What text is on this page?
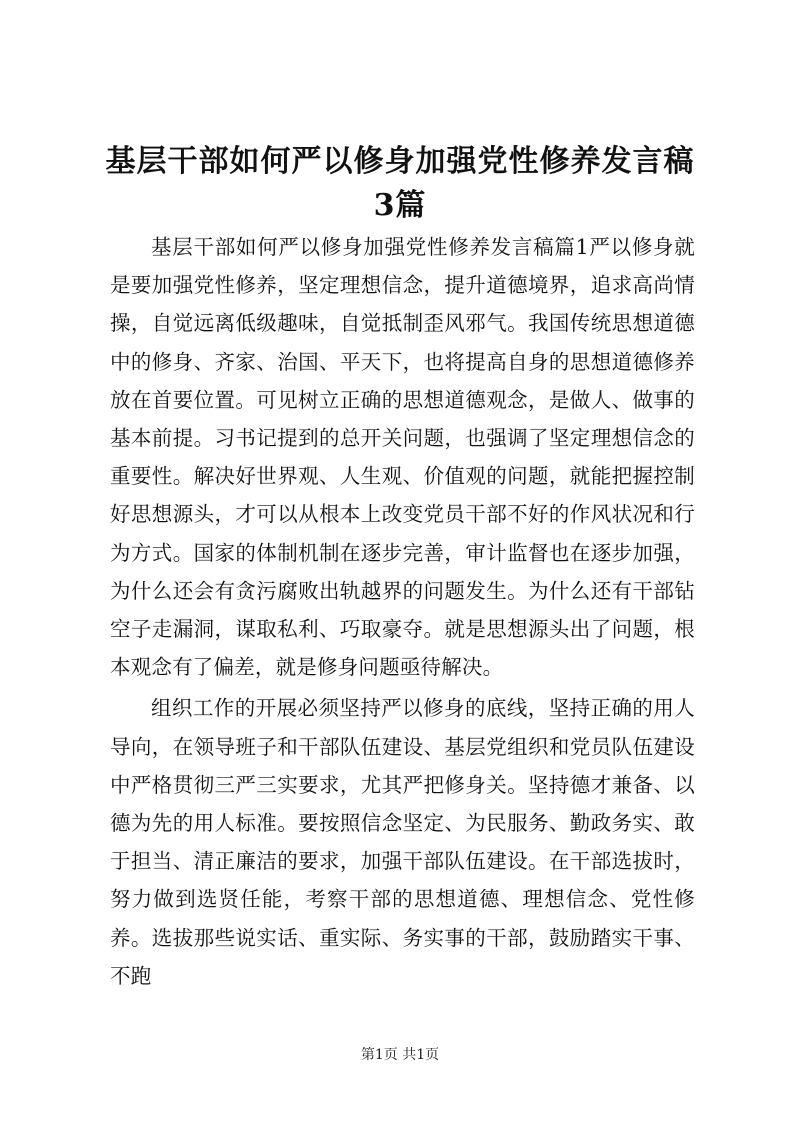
基层干部如何严以修身加强党性修养发言稿3篇

基层干部如何严以修身加强党性修养发言稿篇1严以修身就是要加强党性修养，坚定理想信念，提升道德境界，追求高尚情操，自觉远离低级趣味，自觉抵制歪风邪气。我国传统思想道德中的修身、齐家、治国、平天下，也将提高自身的思想道德修养放在首要位置。可见树立正确的思想道德观念，是做人、做事的基本前提。习书记提到的总开关问题，也强调了坚定理想信念的重要性。解决好世界观、人生观、价值观的问题，就能把握控制好思想源头，才可以从根本上改变党员干部不好的作风状况和行为方式。国家的体制机制在逐步完善，审计监督也在逐步加强，为什么还会有贪污腐败出轨越界的问题发生。为什么还有干部钻空子走漏洞，谋取私利、巧取豪夺。就是思想源头出了问题，根本观念有了偏差，就是修身问题亟待解决。

组织工作的开展必须坚持严以修身的底线，坚持正确的用人导向，在领导班子和干部队伍建设、基层党组织和党员队伍建设中严格贯彻三严三实要求，尤其严把修身关。坚持德才兼备、以德为先的用人标准。要按照信念坚定、为民服务、勤政务实、敢于担当、清正廉洁的要求，加强干部队伍建设。在干部选拔时，努力做到选贤任能，考察干部的思想道德、理想信念、党性修养。选拔那些说实话、重实际、务实事的干部，鼓励踏实干事、不跑

第1页 共1页
